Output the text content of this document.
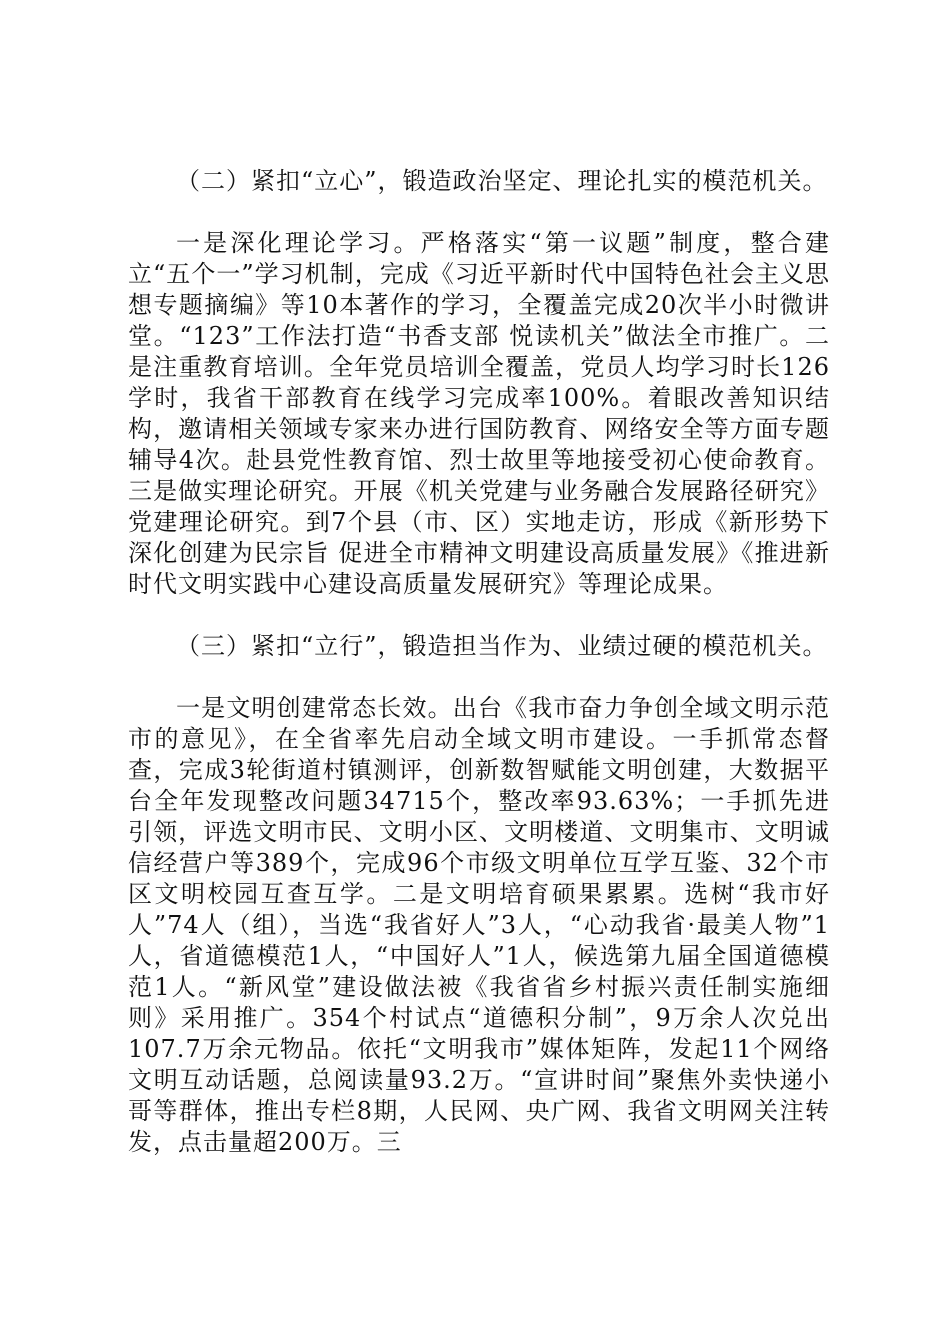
（二）紧扣“立心”，锻造政治坚定、理论扎实的模范机关。

一是深化理论学习。严格落实“第一议题”制度，整合建立“五个一”学习机制，完成《习近平新时代中国特色社会主义思想专题摘编》等10本著作的学习，全覆盖完成20次半小时微讲堂。“123”工作法打造“书香支部 悦读机关”做法全市推广。二是注重教育培训。全年党员培训全覆盖，党员人均学习时长126学时，我省干部教育在线学习完成率100%。着眼改善知识结构，邀请相关领域专家来办进行国防教育、网络安全等方面专题辅导4次。赴县党性教育馆、烈士故里等地接受初心使命教育。三是做实理论研究。开展《机关党建与业务融合发展路径研究》党建理论研究。到7个县（市、区）实地走访，形成《新形势下深化创建为民宗旨 促进全市精神文明建设高质量发展》《推进新时代文明实践中心建设高质量发展研究》等理论成果。

（三）紧扣“立行”，锻造担当作为、业绩过硬的模范机关。

一是文明创建常态长效。出台《我市奋力争创全域文明示范市的意见》，在全省率先启动全域文明市建设。一手抓常态督查，完成3轮街道村镇测评，创新数智赋能文明创建，大数据平台全年发现整改问题34715个，整改率93.63%；一手抓先进引领，评选文明市民、文明小区、文明楼道、文明集市、文明诚信经营户等389个，完成96个市级文明单位互学互鉴、32个市区文明校园互查互学。二是文明培育硕果累累。选树“我市好人”74人（组），当选“我省好人”3人，“心动我省·最美人物”1人，省道德模范1人，“中国好人”1人，候选第九届全国道德模范1人。“新风堂”建设做法被《我省省乡村振兴责任制实施细则》采用推广。354个村试点“道德积分制”，9万余人次兑出107.7万余元物品。依托“文明我市”媒体矩阵，发起11个网络文明互动话题，总阅读量93.2万。“宣讲时间”聚焦外卖快递小哥等群体，推出专栏8期，人民网、央广网、我省文明网关注转发，点击量超200万。三
